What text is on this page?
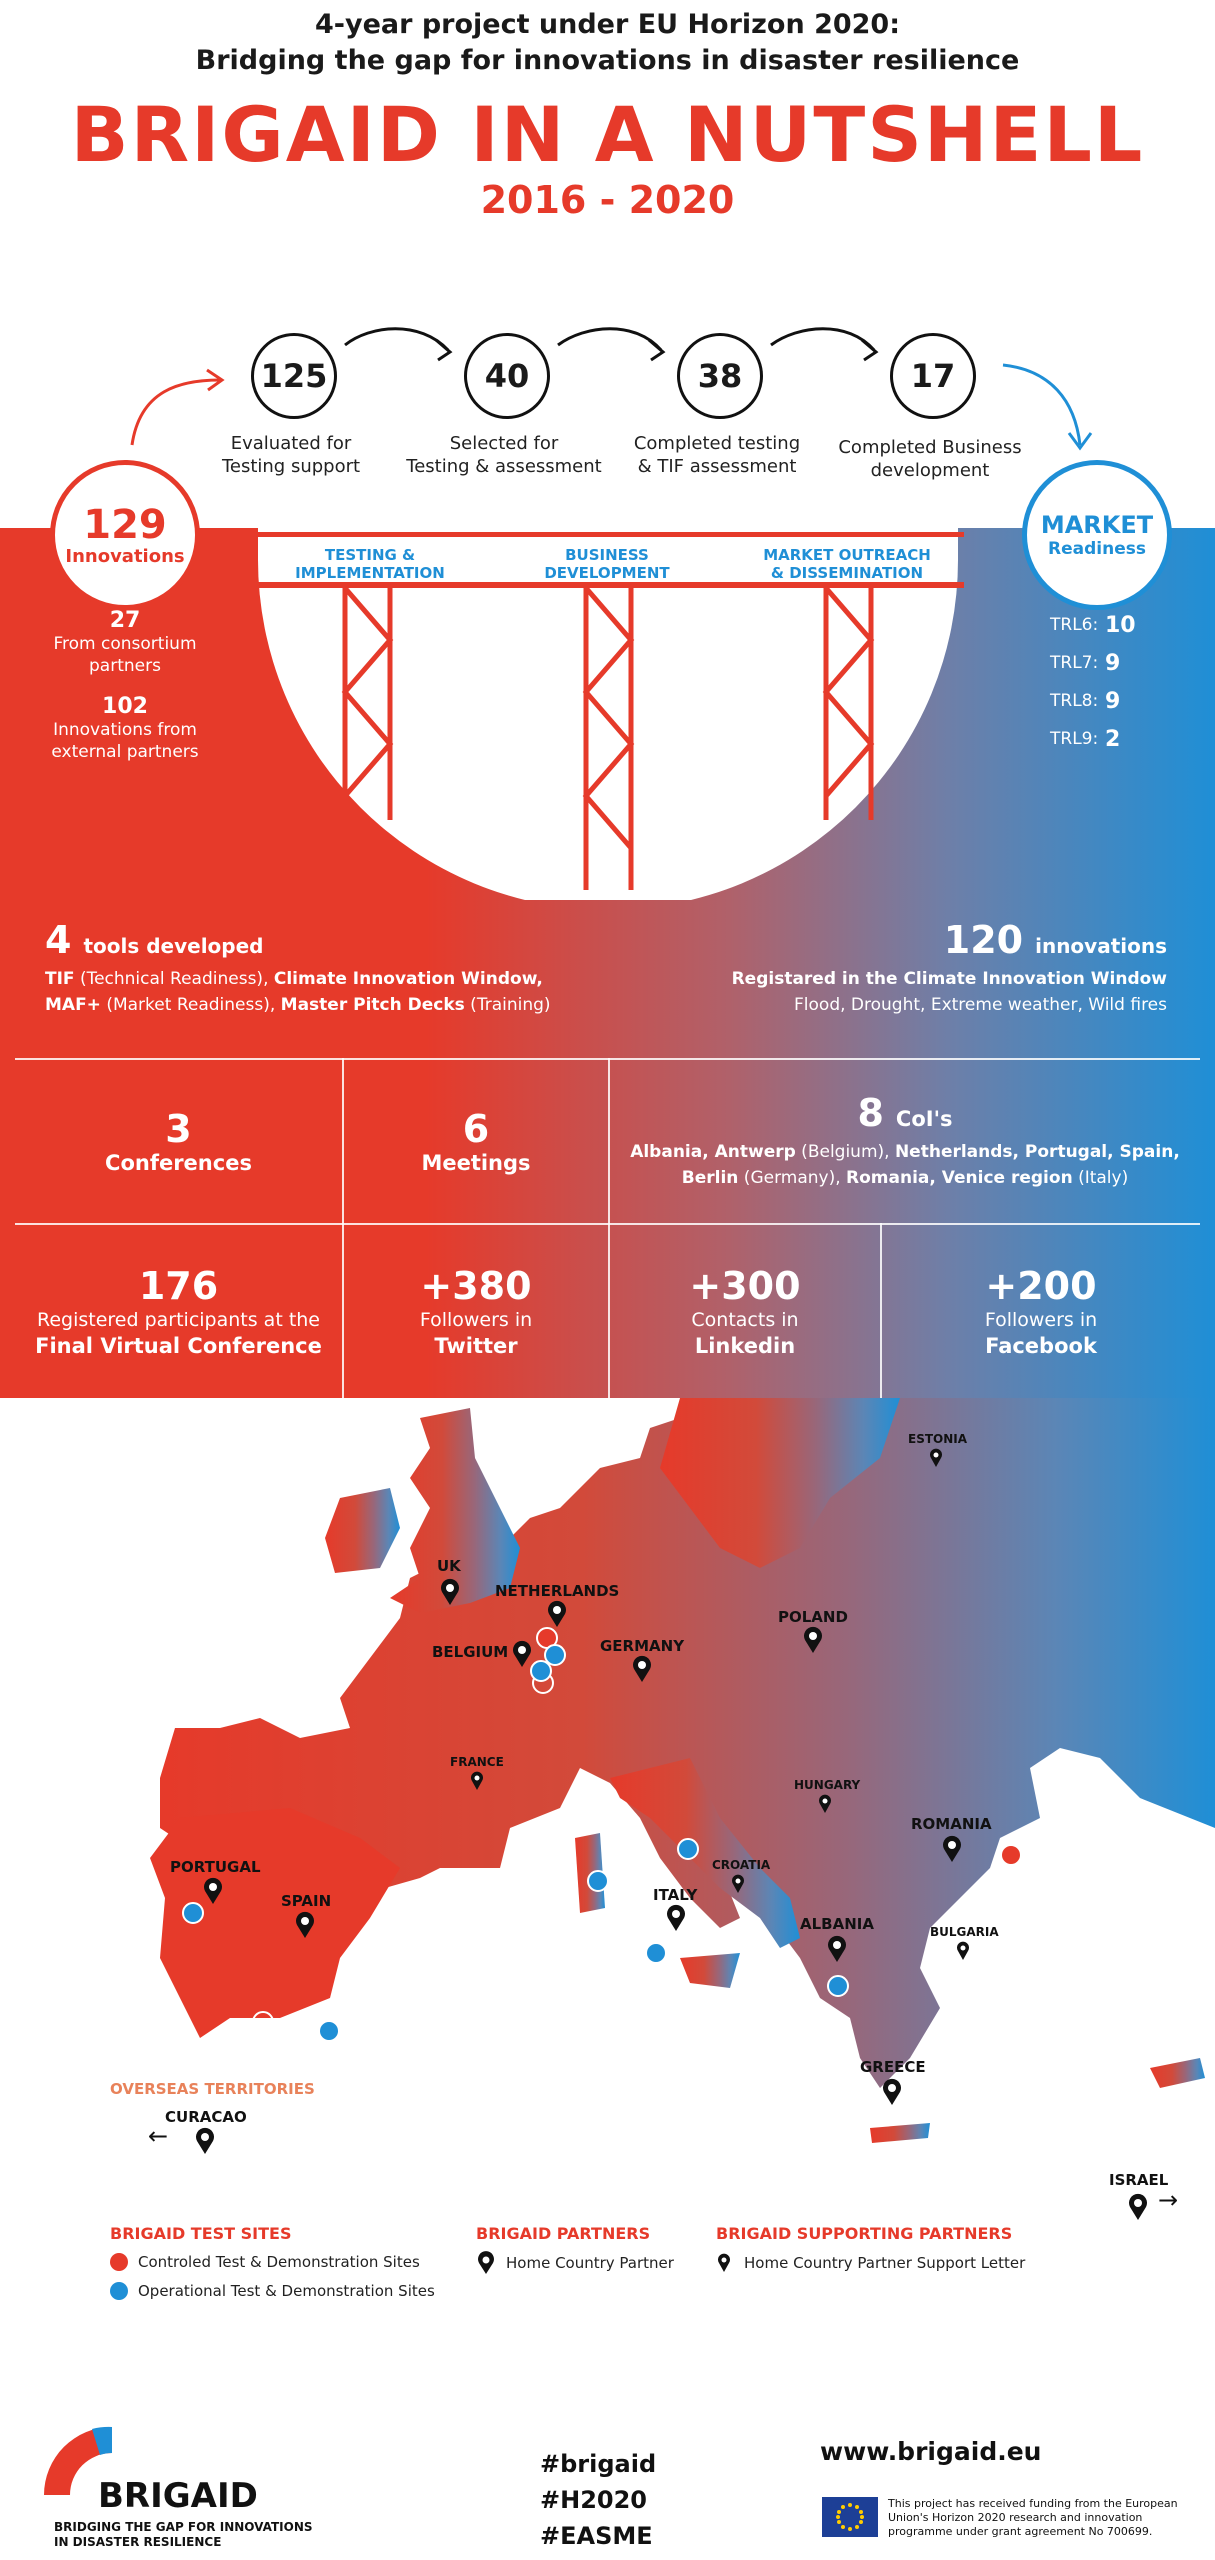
4-year project under EU Horizon 2020:
Bridging the gap for innovations in disaster resilience
BRIGAID IN A NUTSHELL
2016 - 2020
125	40	38	17
Evaluated for
Testing support
Selected for
Testing & assessment
Completed testing
& TIF assessment
Completed Business
development
TESTING &
IMPLEMENTATION
BUSINESS
DEVELOPMENT
MARKET OUTREACH
& DISSEMINATION
129
Innovations
27
From consortium
partners
102
Innovations from
external partners
MARKET
Readiness
TRL6: 10
TRL7: 9
TRL8: 9
TRL9: 2
4 tools developed
TIF (Technical Readiness), Climate Innovation Window,
MAF+ (Market Readiness), Master Pitch Decks (Training)
120 innovations
Registared in the Climate Innovation Window
Flood, Drought, Extreme weather, Wild fires
3
Conferences
6
Meetings
8 CoI's
Albania, Antwerp (Belgium), Netherlands, Portugal, Spain,
Berlin (Germany), Romania, Venice region (Italy)
176
Registered participants at the
Final Virtual Conference
+380
Followers in
Twitter
+300
Contacts in
Linkedin
+200
Followers in
Facebook
UK
NETHERLANDS
BELGIUM	GERMANY
POLAND
PORTUGAL
SPAIN	ITALY
ROMANIA
ALBANIA
GREECE
CURACAO
ISRAEL
ESTONIA
FRANCE
HUNGARY
CROATIA
BULGARIA
OVERSEAS TERRITORIES
←
→
BRIGAID TEST SITES
Controled Test & Demonstration Sites
Operational Test & Demonstration Sites
BRIGAID PARTNERS
Home Country Partner
BRIGAID SUPPORTING PARTNERS
Home Country Partner Support Letter
BRIGAID
BRIDGING THE GAP FOR INNOVATIONS
IN DISASTER RESILIENCE
#brigaid
#H2020
#EASME
www.brigaid.eu
This project has received funding from the European
Union's Horizon 2020 research and innovation
programme under grant agreement No 700699.
